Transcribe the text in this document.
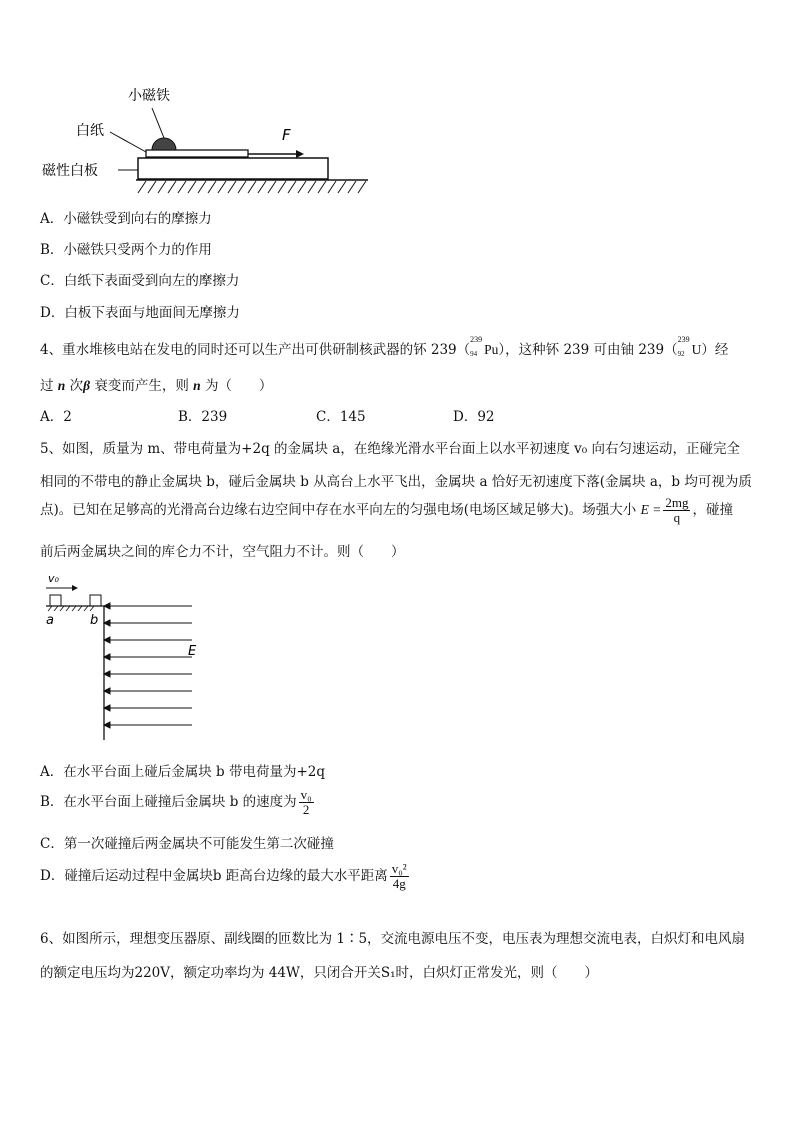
F
小磁铁
白纸
磁性白板
A．小磁铁受到向右的摩擦力
B．小磁铁只受两个力的作用
C．白纸下表面受到向左的摩擦力
D．白板下表面与地面间无摩擦力
4、重水堆核电站在发电的同时还可以生产出可供研制核武器的钚 239（
239
94 Pu），这种钚 239 可由铀 239（
239
92 U）经
过 n 次β 衰变而产生，则 n 为（　　）
A．2	B．239	C．145	D．92
5、如图，质量为 m、带电荷量为+2q 的金属块 a，在绝缘光滑水平台面上以水平初速度 v₀ 向右匀速运动，正碰完全
相同的不带电的静止金属块 b，碰后金属块 b 从高台上水平飞出，金属块 a 恰好无初速度下落(金属块 a，b 均可视为质
点)。已知在足够高的光滑高台边缘右边空间中存在水平向左的匀强电场(电场区域足够大)。场强大小 $E = \frac{2mg}{q}$ ，碰撞
前后两金属块之间的库仑力不计，空气阻力不计。则（　　）
v₀
a	b
E
A．在水平台面上碰后金属块 b 带电荷量为+2q
B．在水平台面上碰撞后金属块 b 的速度为 $\frac{\text{v₀}}{2}$
C．第一次碰撞后两金属块不可能发生第二次碰撞
D．碰撞后运动过程中金属块b 距高台边缘的最大水平距离 $\frac{\text{v₀²}}{4g}$
6、如图所示，理想变压器原、副线圈的匝数比为 1∶5，交流电源电压不变，电压表为理想交流电表，白炽灯和电风扇
的额定电压均为220V，额定功率均为 44W，只闭合开关S₁时，白炽灯正常发光，则（　　）
